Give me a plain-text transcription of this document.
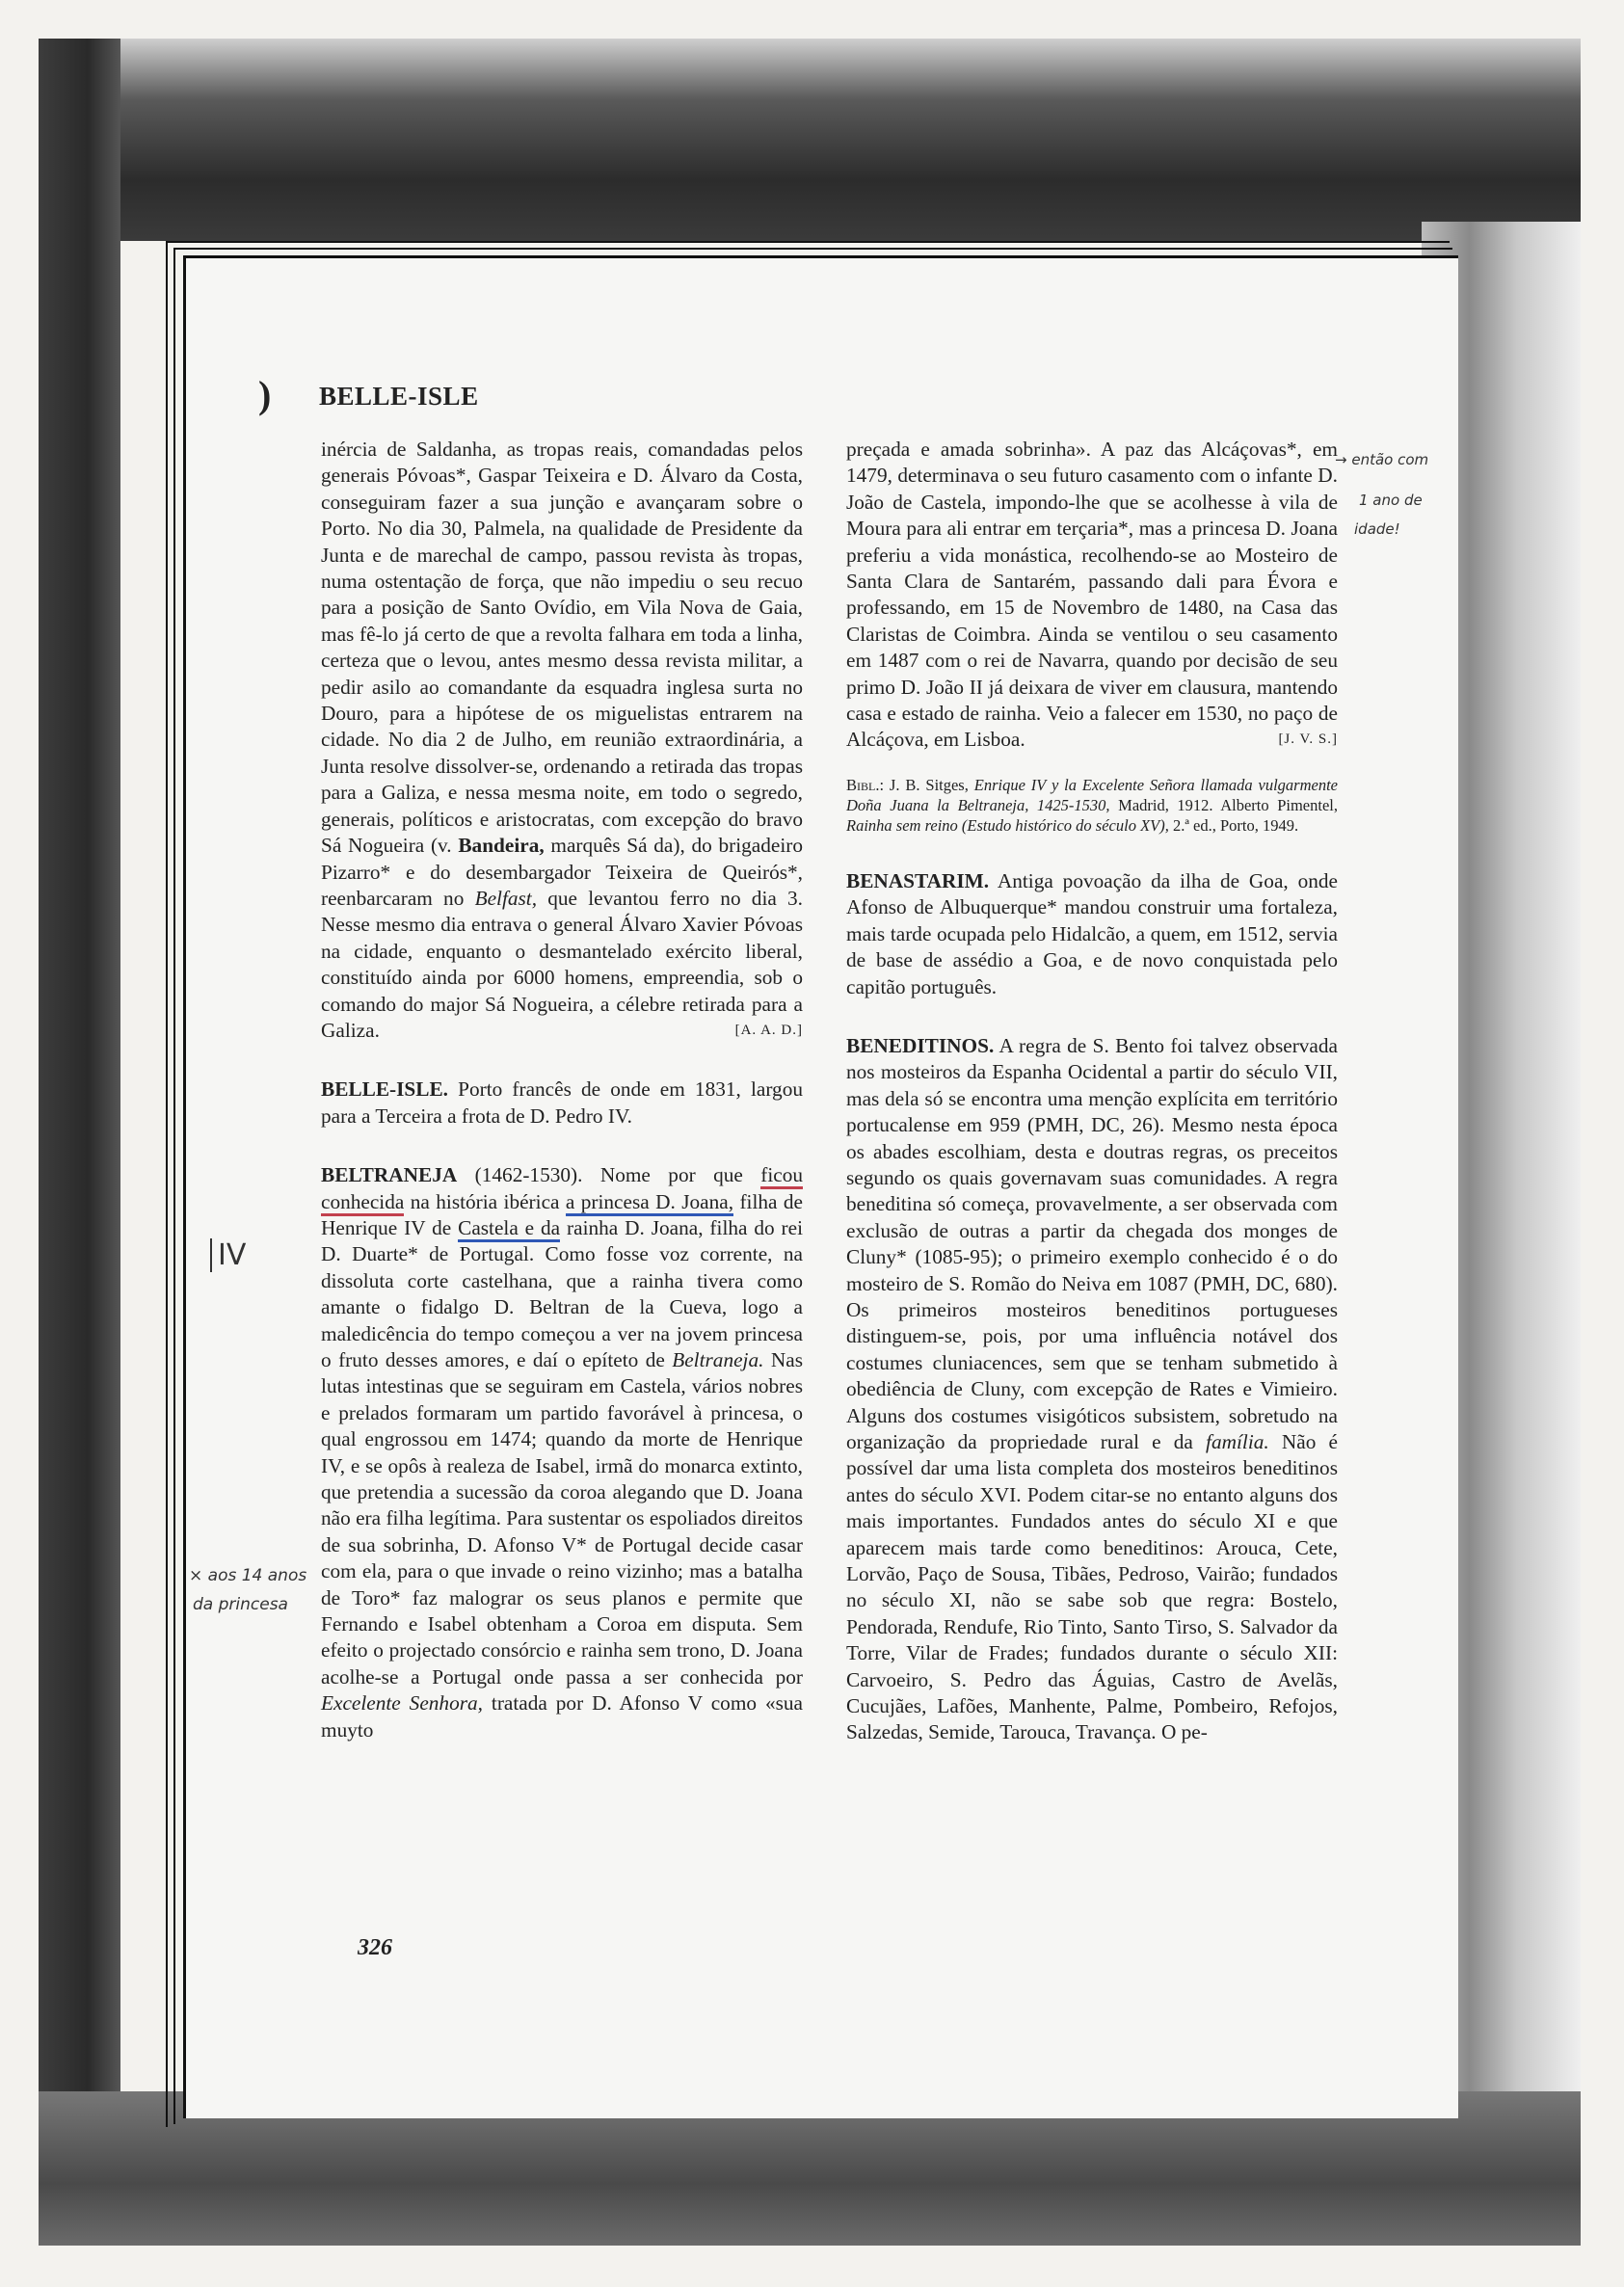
) BELLE-ISLE

inércia de Saldanha, as tropas reais, comandadas pelos generais Póvoas*, Gaspar Teixeira e D. Álvaro da Costa, conseguiram fazer a sua junção e avançaram sobre o Porto. No dia 30, Palmela, na qualidade de Presidente da Junta e de marechal de campo, passou revista às tropas, numa ostentação de força, que não impediu o seu recuo para a posição de Santo Ovídio, em Vila Nova de Gaia, mas fê-lo já certo de que a revolta falhara em toda a linha, certeza que o levou, antes mesmo dessa revista militar, a pedir asilo ao comandante da esquadra inglesa surta no Douro, para a hipótese de os miguelistas entrarem na cidade. No dia 2 de Julho, em reunião extraordinária, a Junta resolve dissolver-se, ordenando a retirada das tropas para a Galiza, e nessa mesma noite, em todo o segredo, generais, políticos e aristocratas, com excepção do bravo Sá Nogueira (v. Bandeira, marquês Sá da), do brigadeiro Pizarro* e do desembargador Teixeira de Queirós*, reenbarcaram no Belfast, que levantou ferro no dia 3. Nesse mesmo dia entrava o general Álvaro Xavier Póvoas na cidade, enquanto o desmantelado exército liberal, constituído ainda por 6000 homens, empreendia, sob o comando do major Sá Nogueira, a célebre retirada para a Galiza.	[A. A. D.]

BELLE-ISLE. Porto francês de onde em 1831, largou para a Terceira a frota de D. Pedro IV.

BELTRANEJA (1462-1530). Nome por que ficou conhecida na história ibérica a princesa D. Joana, filha de Henrique IV de Castela e da rainha D. Joana, filha do rei D. Duarte* de Portugal. Como fosse voz corrente, na dissoluta corte castelhana, que a rainha tivera como amante o fidalgo D. Beltran de la Cueva, logo a maledicência do tempo começou a ver na jovem princesa o fruto desses amores, e daí o epíteto de Beltraneja. Nas lutas intestinas que se seguiram em Castela, vários nobres e prelados formaram um partido favorável à princesa, o qual engrossou em 1474; quando da morte de Henrique IV, e se opôs à realeza de Isabel, irmã do monarca extinto, que pretendia a sucessão da coroa alegando que D. Joana não era filha legítima. Para sustentar os espoliados direitos de sua sobrinha, D. Afonso V* de Portugal decide casar com ela, para o que invade o reino vizinho; mas a batalha de Toro* faz malograr os seus planos e permite que Fernando e Isabel obtenham a Coroa em disputa. Sem efeito o projectado consórcio e rainha sem trono, D. Joana acolhe-se a Portugal onde passa a ser conhecida por Excelente Senhora, tratada por D. Afonso V como «sua muyto

preçada e amada sobrinha». A paz das Alcáçovas*, em 1479, determinava o seu futuro casamento com o infante D. João de Castela, impondo-lhe que se acolhesse à vila de Moura para ali entrar em terçaria*, mas a princesa D. Joana preferiu a vida monástica, recolhendo-se ao Mosteiro de Santa Clara de Santarém, passando dali para Évora e professando, em 15 de Novembro de 1480, na Casa das Claristas de Coimbra. Ainda se ventilou o seu casamento em 1487 com o rei de Navarra, quando por decisão de seu primo D. João II já deixara de viver em clausura, mantendo casa e estado de rainha. Veio a falecer em 1530, no paço de Alcáçova, em Lisboa.	[J. V. S.]

Bibl.: J. B. Sitges, Enrique IV y la Excelente Señora llamada vulgarmente Doña Juana la Beltraneja, 1425-1530, Madrid, 1912. Alberto Pimentel, Rainha sem reino (Estudo histórico do século XV), 2.ª ed., Porto, 1949.

BENASTARIM. Antiga povoação da ilha de Goa, onde Afonso de Albuquerque* mandou construir uma fortaleza, mais tarde ocupada pelo Hidalcão, a quem, em 1512, servia de base de assédio a Goa, e de novo conquistada pelo capitão português.

BENEDITINOS. A regra de S. Bento foi talvez observada nos mosteiros da Espanha Ocidental a partir do século VII, mas dela só se encontra uma menção explícita em território portucalense em 959 (PMH, DC, 26). Mesmo nesta época os abades escolhiam, desta e doutras regras, os preceitos segundo os quais governavam suas comunidades. A regra beneditina só começa, provavelmente, a ser observada com exclusão de outras a partir da chegada dos monges de Cluny* (1085-95); o primeiro exemplo conhecido é o do mosteiro de S. Romão do Neiva em 1087 (PMH, DC, 680). Os primeiros mosteiros beneditinos portugueses distinguem-se, pois, por uma influência notável dos costumes cluniacences, sem que se tenham submetido à obediência de Cluny, com excepção de Rates e Vimieiro. Alguns dos costumes visigóticos subsistem, sobretudo na organização da propriedade rural e da família. Não é possível dar uma lista completa dos mosteiros beneditinos antes do século XVI. Podem citar-se no entanto alguns dos mais importantes. Fundados antes do século XI e que aparecem mais tarde como beneditinos: Arouca, Cete, Lorvão, Paço de Sousa, Tibães, Pedroso, Vairão; fundados no século XI, não se sabe sob que regra: Bostelo, Pendorada, Rendufe, Rio Tinto, Santo Tirso, S. Salvador da Torre, Vilar de Frades; fundados durante o século XII: Carvoeiro, S. Pedro das Águias, Castro de Avelãs, Cucujães, Lafões, Manhente, Palme, Pombeiro, Refojos, Salzedas, Semide, Tarouca, Travança. O pe-

326
IV
× aos 14 anos
da princesa
→ então com
1 ano de
idade!
